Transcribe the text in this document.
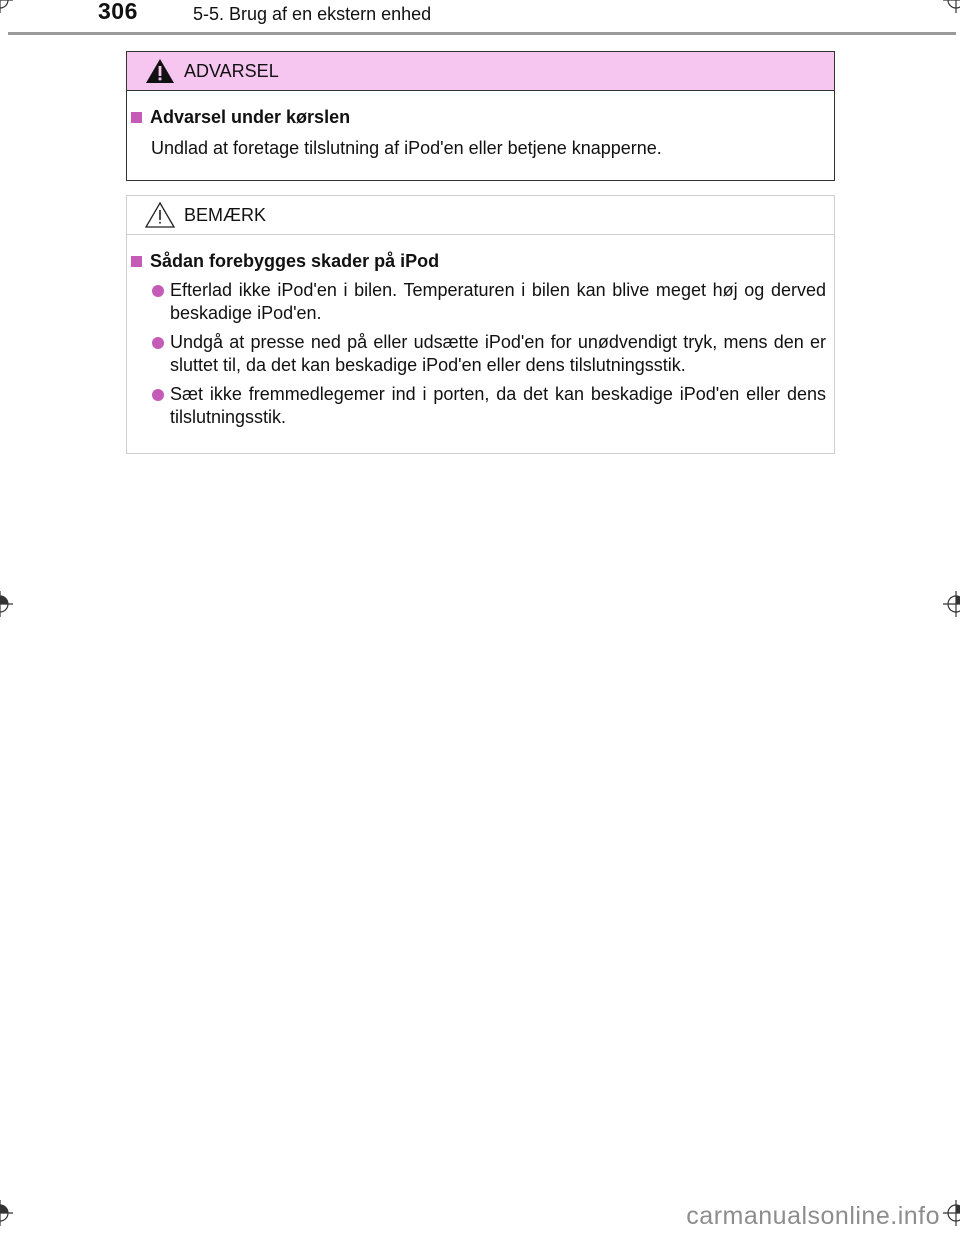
306	5-5. Brug af en ekstern enhed
ADVARSEL
Advarsel under kørslen
Undlad at foretage tilslutning af iPod'en eller betjene knapperne.
BEMÆRK
Sådan forebygges skader på iPod
Efterlad ikke iPod'en i bilen. Temperaturen i bilen kan blive meget høj og derved beskadige iPod'en.
Undgå at presse ned på eller udsætte iPod'en for unødvendigt tryk, mens den er sluttet til, da det kan beskadige iPod'en eller dens tilslutningsstik.
Sæt ikke fremmedlegemer ind i porten, da det kan beskadige iPod'en eller dens tilslutningsstik.
carmanualsonline.info
